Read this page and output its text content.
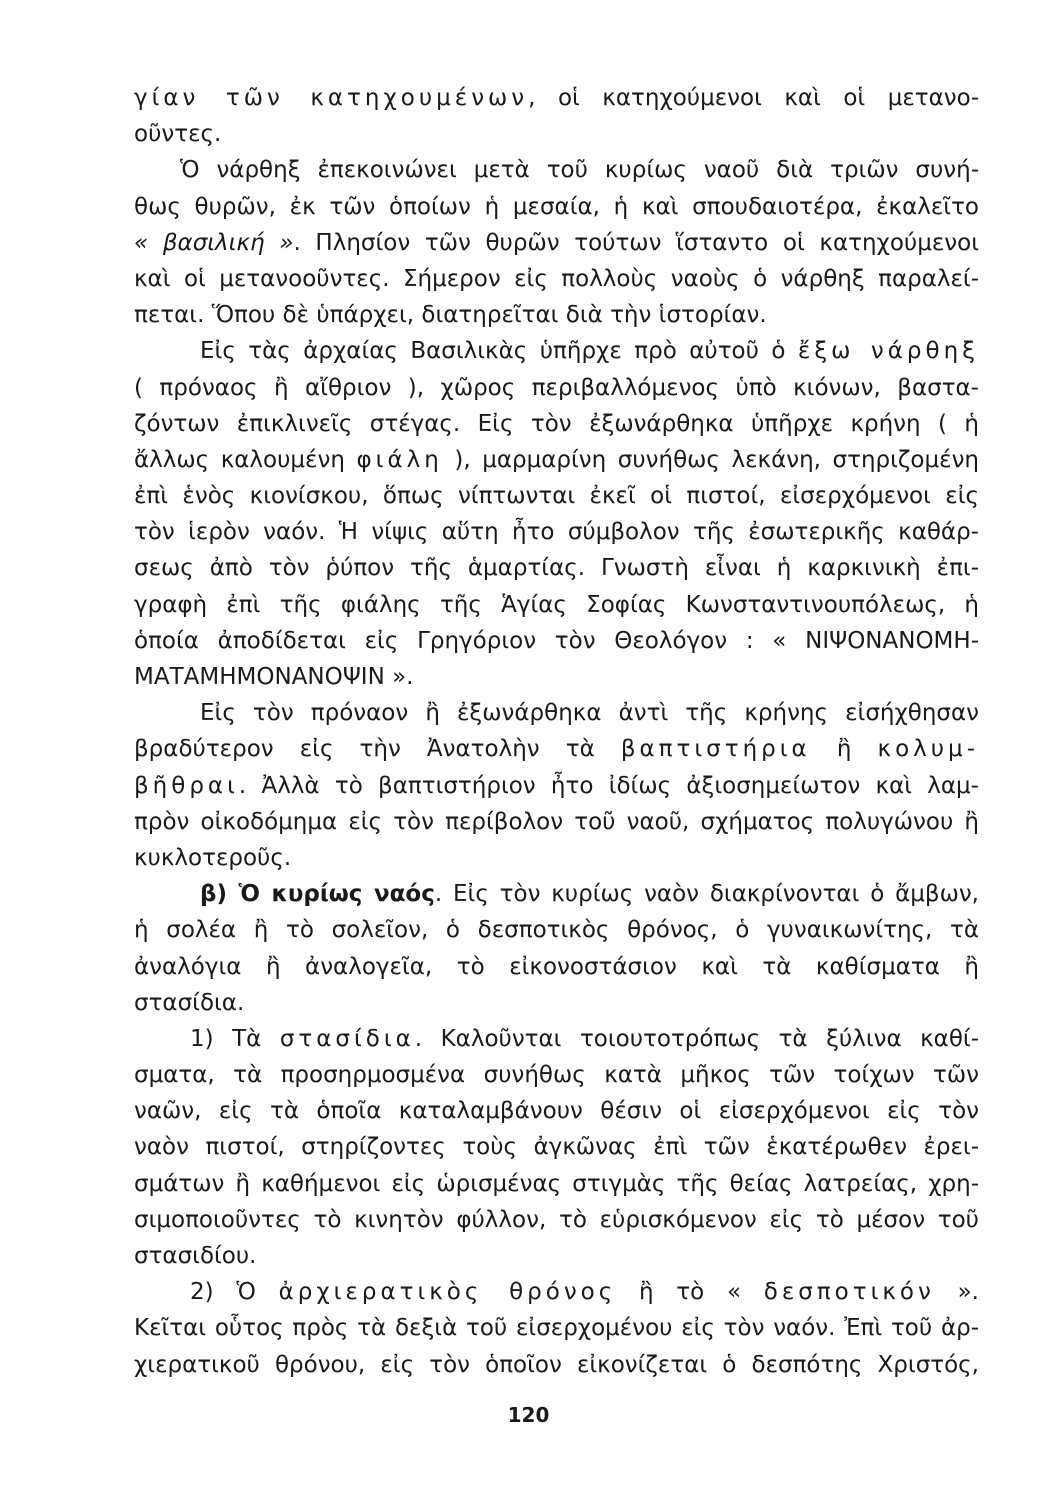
γίαν τῶν κατηχουμένων, οἱ κατηχούμενοι καὶ οἱ μετανο-
οῦντες.
Ὁ νάρθηξ ἐπεκοινώνει μετὰ τοῦ κυρίως ναοῦ διὰ τριῶν συνή-
θως θυρῶν, ἐκ τῶν ὁποίων ἡ μεσαία, ἡ καὶ σπουδαιοτέρα, ἐκαλεῖτο
« βασιλική ». Πλησίον τῶν θυρῶν τούτων ἵσταντο οἱ κατηχούμενοι
καὶ οἱ μετανοοῦντες. Σήμερον εἰς πολλοὺς ναοὺς ὁ νάρθηξ παραλεί-
πεται. Ὅπου δὲ ὑπάρχει, διατηρεῖται διὰ τὴν ἱστορίαν.
Εἰς τὰς ἀρχαίας Βασιλικὰς ὑπῆρχε πρὸ αὐτοῦ ὁ ἔξω νάρθηξ
( πρόναος ἢ αἴθριον ), χῶρος περιβαλλόμενος ὑπὸ κιόνων, βαστα-
ζόντων ἐπικλινεῖς στέγας. Εἰς τὸν ἐξωνάρθηκα ὑπῆρχε κρήνη ( ἡ
ἄλλως καλουμένη φιάλη ), μαρμαρίνη συνήθως λεκάνη, στηριζομένη
ἐπὶ ἑνὸς κιονίσκου, ὅπως νίπτωνται ἐκεῖ οἱ πιστοί, εἰσερχόμενοι εἰς
τὸν ἱερὸν ναόν. Ἡ νίψις αὕτη ἦτο σύμβολον τῆς ἐσωτερικῆς καθάρ-
σεως ἀπὸ τὸν ῥύπον τῆς ἁμαρτίας. Γνωστὴ εἶναι ἡ καρκινικὴ ἐπι-
γραφὴ ἐπὶ τῆς φιάλης τῆς Ἁγίας Σοφίας Κωνσταντινουπόλεως, ἡ
ὁποία ἀποδίδεται εἰς Γρηγόριον τὸν Θεολόγον : « ΝΙΨΟΝΑΝΟΜΗ-
ΜΑΤΑΜΗΜΟΝΑΝΟΨΙΝ ».
Εἰς τὸν πρόναον ἢ ἐξωνάρθηκα ἀντὶ τῆς κρήνης εἰσήχθησαν
βραδύτερον εἰς τὴν Ἀνατολὴν τὰ βαπτιστήρια ἢ κολυμ-
βῆθραι. Ἀλλὰ τὸ βαπτιστήριον ἦτο ἰδίως ἀξιοσημείωτον καὶ λαμ-
πρὸν οἰκοδόμημα εἰς τὸν περίβολον τοῦ ναοῦ, σχήματος πολυγώνου ἢ
κυκλοτεροῦς.
β) Ὁ κυρίως ναός. Εἰς τὸν κυρίως ναὸν διακρίνονται ὁ ἄμβων,
ἡ σολέα ἢ τὸ σολεῖον, ὁ δεσποτικὸς θρόνος, ὁ γυναικωνίτης, τὰ
ἀναλόγια ἢ ἀναλογεῖα, τὸ εἰκονοστάσιον καὶ τὰ καθίσματα ἢ
στασίδια.
1) Τὰ στασίδια. Καλοῦνται τοιουτοτρόπως τὰ ξύλινα καθί-
σματα, τὰ προσηρμοσμένα συνήθως κατὰ μῆκος τῶν τοίχων τῶν
ναῶν, εἰς τὰ ὁποῖα καταλαμβάνουν θέσιν οἱ εἰσερχόμενοι εἰς τὸν
ναὸν πιστοί, στηρίζοντες τοὺς ἀγκῶνας ἐπὶ τῶν ἑκατέρωθεν ἐρει-
σμάτων ἢ καθήμενοι εἰς ὡρισμένας στιγμὰς τῆς θείας λατρείας, χρη-
σιμοποιοῦντες τὸ κινητὸν φύλλον, τὸ εὑρισκόμενον εἰς τὸ μέσον τοῦ
στασιδίου.
2) Ὁ ἀρχιερατικὸς θρόνος ἢ τὸ « δεσποτικόν ».
Κεῖται οὗτος πρὸς τὰ δεξιὰ τοῦ εἰσερχομένου εἰς τὸν ναόν. Ἐπὶ τοῦ ἀρ-
χιερατικοῦ θρόνου, εἰς τὸν ὁποῖον εἰκονίζεται ὁ δεσπότης Χριστός,
120
